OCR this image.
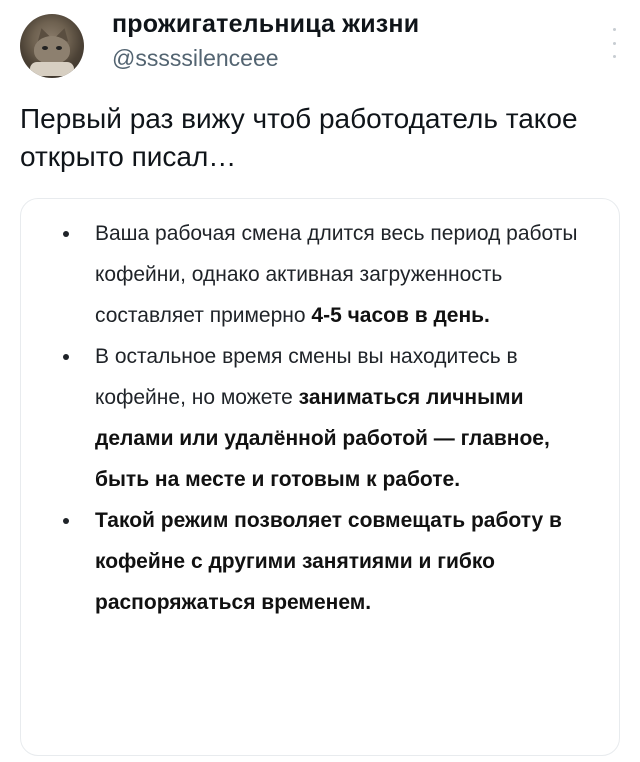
прожигательница жизни
@sssssilenceee
Первый раз вижу чтоб работодатель такое открыто писал…
Ваша рабочая смена длится весь период работы кофейни, однако активная загруженность составляет примерно 4-5 часов в день.
В остальное время смены вы находитесь в кофейне, но можете заниматься личными делами или удалённой работой — главное, быть на месте и готовым к работе.
Такой режим позволяет совмещать работу в кофейне с другими занятиями и гибко распоряжаться временем.
